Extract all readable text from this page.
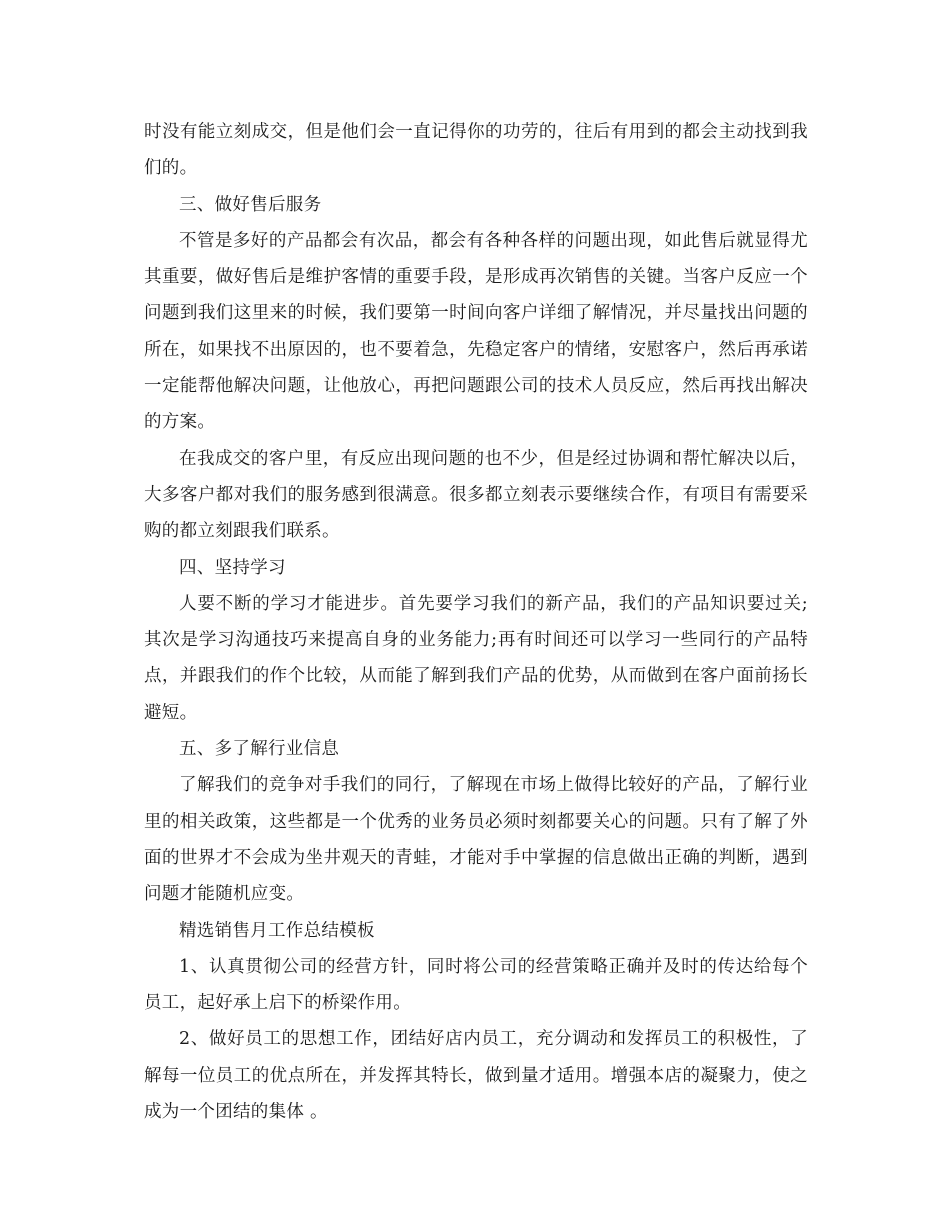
时没有能立刻成交，但是他们会一直记得你的功劳的，往后有用到的都会主动找到我们的。

三、做好售后服务

不管是多好的产品都会有次品，都会有各种各样的问题出现，如此售后就显得尤其重要，做好售后是维护客情的重要手段，是形成再次销售的关键。当客户反应一个问题到我们这里来的时候，我们要第一时间向客户详细了解情况，并尽量找出问题的所在，如果找不出原因的，也不要着急，先稳定客户的情绪，安慰客户，然后再承诺一定能帮他解决问题，让他放心，再把问题跟公司的技术人员反应，然后再找出解决的方案。

在我成交的客户里，有反应出现问题的也不少，但是经过协调和帮忙解决以后，大多客户都对我们的服务感到很满意。很多都立刻表示要继续合作，有项目有需要采购的都立刻跟我们联系。

四、坚持学习

人要不断的学习才能进步。首先要学习我们的新产品，我们的产品知识要过关;其次是学习沟通技巧来提高自身的业务能力;再有时间还可以学习一些同行的产品特点，并跟我们的作个比较，从而能了解到我们产品的优势，从而做到在客户面前扬长避短。

五、多了解行业信息

了解我们的竞争对手我们的同行，了解现在市场上做得比较好的产品，了解行业里的相关政策，这些都是一个优秀的业务员必须时刻都要关心的问题。只有了解了外面的世界才不会成为坐井观天的青蛙，才能对手中掌握的信息做出正确的判断，遇到问题才能随机应变。

精选销售月工作总结模板

1、认真贯彻公司的经营方针，同时将公司的经营策略正确并及时的传达给每个员工，起好承上启下的桥梁作用。

2、做好员工的思想工作，团结好店内员工，充分调动和发挥员工的积极性，了解每一位员工的优点所在，并发挥其特长，做到量才适用。增强本店的凝聚力，使之成为一个团结的集体 。
